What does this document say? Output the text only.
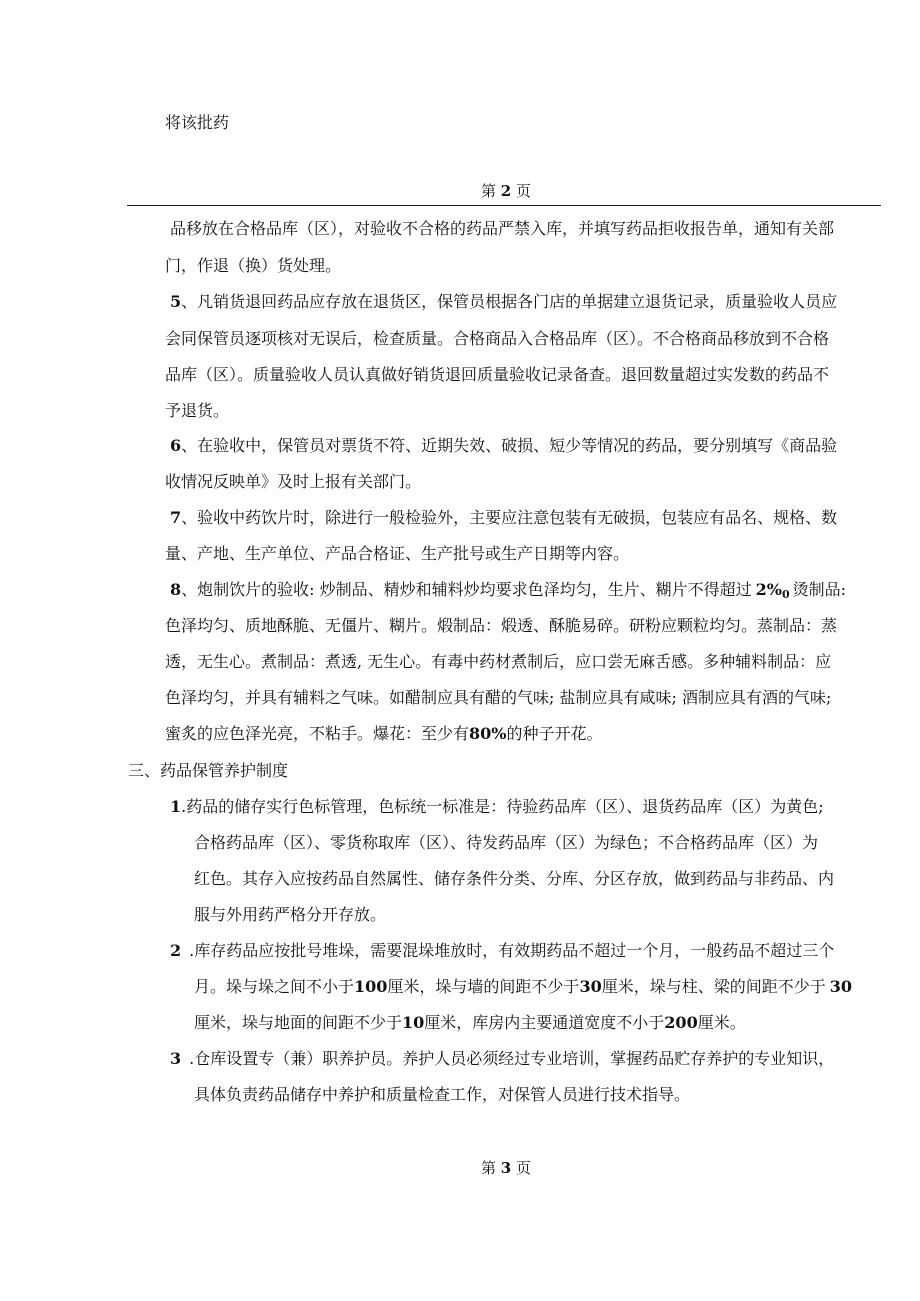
将该批药
第 2 页
品移放在合格品库（区），对验收不合格的药品严禁入库，并填写药品拒收报告单，通知有关部
门，作退（换）货处理。
5、凡销货退回药品应存放在退货区，保管员根据各门店的单据建立退货记录，质量验收人员应
会同保管员逐项核对无误后，检查质量。合格商品入合格品库（区）。不合格商品移放到不合格
品库（区）。质量验收人员认真做好销货退回质量验收记录备查。退回数量超过实发数的药品不
予退货。
6、在验收中，保管员对票货不符、近期失效、破损、短少等情况的药品，要分别填写《商品验
收情况反映单》及时上报有关部门。
7、验收中药饮片时，除进行一般检验外，主要应注意包装有无破损，包装应有品名、规格、数
量、产地、生产单位、产品合格证、生产批号或生产日期等内容。
8、炮制饮片的验收: 炒制品、精炒和辅料炒均要求色泽均匀，生片、糊片不得超过 2%0 烫制品:
色泽均匀、质地酥脆、无僵片、糊片。煅制品：煅透、酥脆易碎。研粉应颗粒均匀。蒸制品：蒸
透，无生心。煮制品：煮透, 无生心。有毒中药材煮制后，应口尝无麻舌感。多种辅料制品：应
色泽均匀，并具有辅料之气味。如醋制应具有醋的气味; 盐制应具有咸味; 酒制应具有酒的气味;
蜜炙的应色泽光亮，不粘手。爆花：至少有80%的种子开花。
三、药品保管养护制度
1.药品的储存实行色标管理，色标统一标准是：待验药品库（区）、退货药品库（区）为黄色;
合格药品库（区）、零货称取库（区）、待发药品库（区）为绿色；不合格药品库（区）为
红色。其存入应按药品自然属性、储存条件分类、分库、分区存放，做到药品与非药品、内
服与外用药严格分开存放。
2 .库存药品应按批号堆垛，需要混垛堆放时，有效期药品不超过一个月，一般药品不超过三个
月。垛与垛之间不小于100厘米，垛与墙的间距不少于30厘米，垛与柱、梁的间距不少于 30
厘米，垛与地面的间距不少于10厘米，库房内主要通道宽度不小于200厘米。
3 .仓库设置专（兼）职养护员。养护人员必须经过专业培训，掌握药品贮存养护的专业知识，
具体负责药品储存中养护和质量检查工作，对保管人员进行技术指导。
第 3 页
